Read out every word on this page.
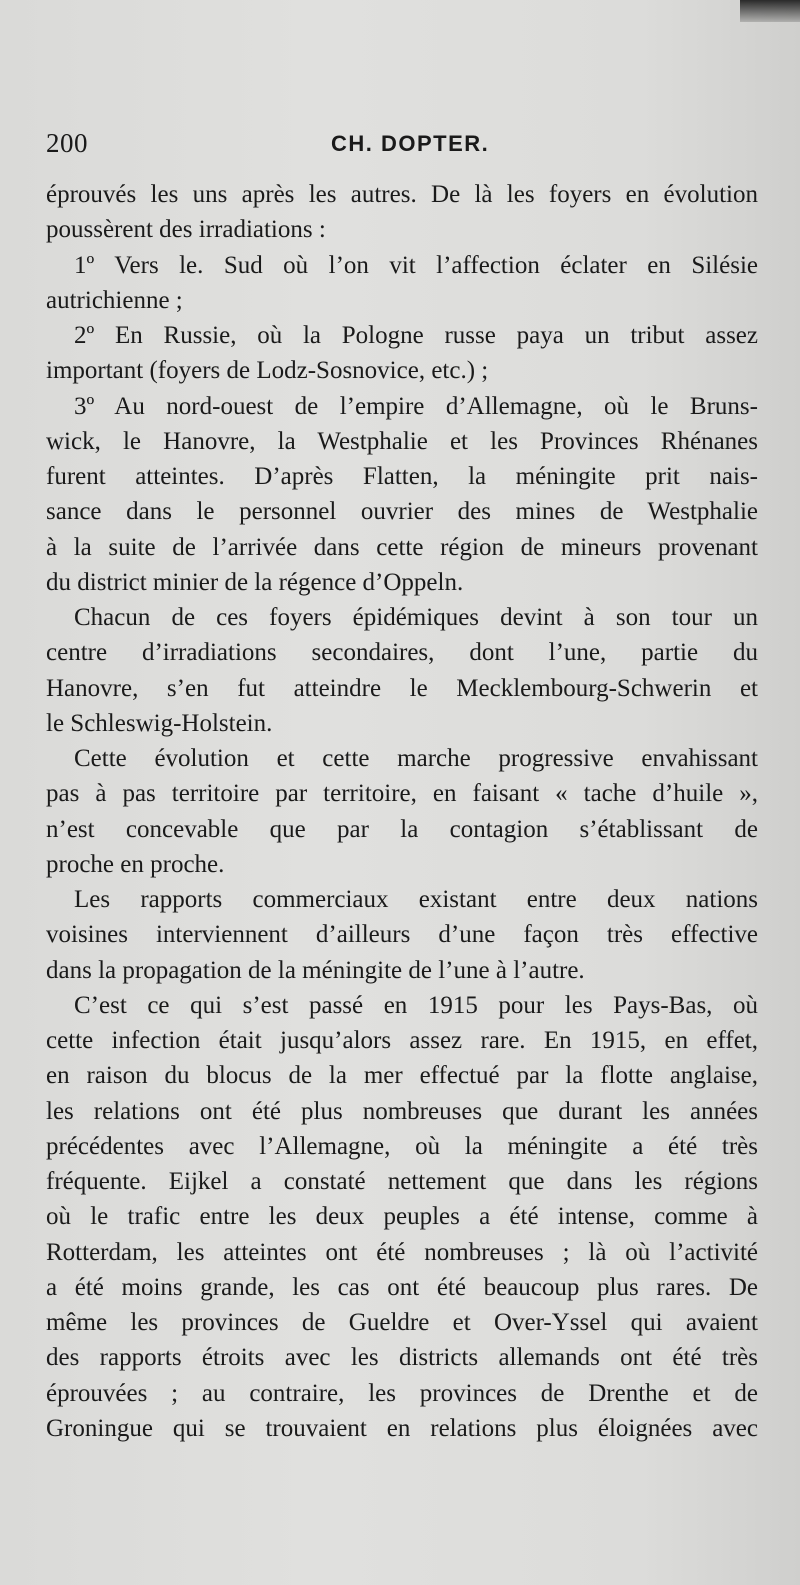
200	CH. DOPTER.
éprouvés les uns après les autres. De là les foyers en évolution
poussèrent des irradiations :
1º Vers le. Sud où l’on vit l’affection éclater en Silésie
autrichienne ;
2º En Russie, où la Pologne russe paya un tribut assez
important (foyers de Lodz-Sosnovice, etc.) ;
3º Au nord-ouest de l’empire d’Allemagne, où le Bruns-
wick, le Hanovre, la Westphalie et les Provinces Rhénanes
furent atteintes. D’après Flatten, la méningite prit nais-
sance dans le personnel ouvrier des mines de Westphalie
à la suite de l’arrivée dans cette région de mineurs provenant
du district minier de la régence d’Oppeln.
Chacun de ces foyers épidémiques devint à son tour un
centre d’irradiations secondaires, dont l’une, partie du
Hanovre, s’en fut atteindre le Mecklembourg-Schwerin et
le Schleswig-Holstein.
Cette évolution et cette marche progressive envahissant
pas à pas territoire par territoire, en faisant « tache d’huile »,
n’est concevable que par la contagion s’établissant de
proche en proche.
Les rapports commerciaux existant entre deux nations
voisines interviennent d’ailleurs d’une façon très effective
dans la propagation de la méningite de l’une à l’autre.
C’est ce qui s’est passé en 1915 pour les Pays-Bas, où
cette infection était jusqu’alors assez rare. En 1915, en effet,
en raison du blocus de la mer effectué par la flotte anglaise,
les relations ont été plus nombreuses que durant les années
précédentes avec l’Allemagne, où la méningite a été très
fréquente. Eijkel a constaté nettement que dans les régions
où le trafic entre les deux peuples a été intense, comme à
Rotterdam, les atteintes ont été nombreuses ; là où l’activité
a été moins grande, les cas ont été beaucoup plus rares. De
même les provinces de Gueldre et Over-Yssel qui avaient
des rapports étroits avec les districts allemands ont été très
éprouvées ; au contraire, les provinces de Drenthe et de
Groningue qui se trouvaient en relations plus éloignées avec
